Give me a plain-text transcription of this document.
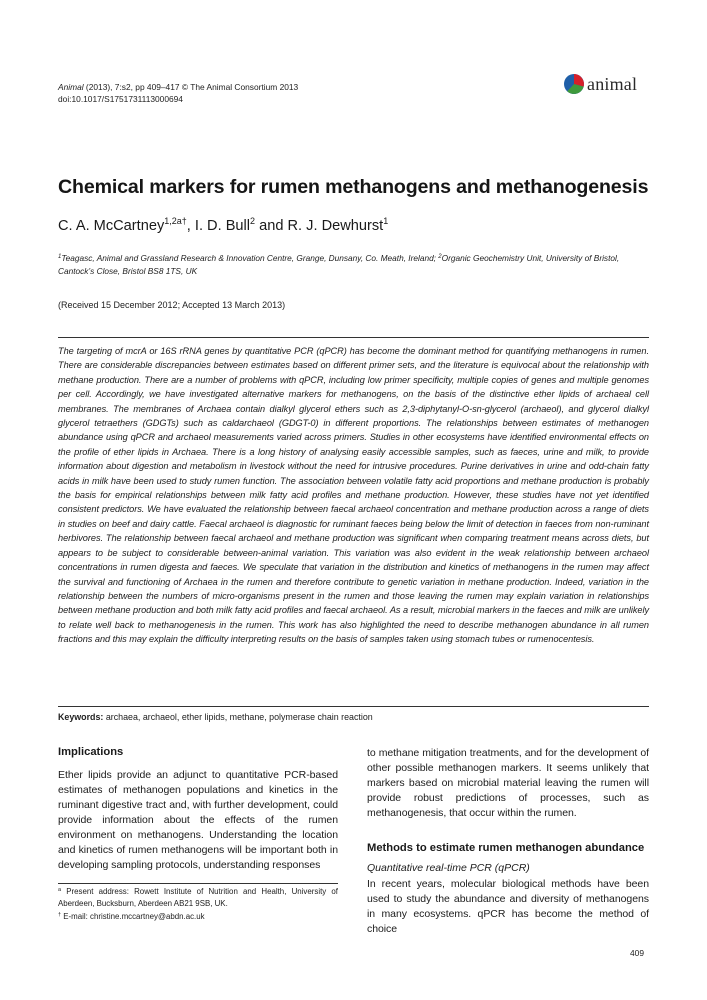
Animal (2013), 7:s2, pp 409–417 © The Animal Consortium 2013
doi:10.1017/S1751731113000694
animal
Chemical markers for rumen methanogens and methanogenesis
C. A. McCartney$^{1,2a\dagger}$, I. D. Bull$^2$ and R. J. Dewhurst$^1$
$^1$Teagasc, Animal and Grassland Research & Innovation Centre, Grange, Dunsany, Co. Meath, Ireland; $^2$Organic Geochemistry Unit, University of Bristol, Cantock’s Close, Bristol BS8 1TS, UK
(Received 15 December 2012; Accepted 13 March 2013)
The targeting of mcrA or 16S rRNA genes by quantitative PCR (qPCR) has become the dominant method for quantifying methanogens in rumen. There are considerable discrepancies between estimates based on different primer sets, and the literature is equivocal about the relationship with methane production. There are a number of problems with qPCR, including low primer specificity, multiple copies of genes and multiple genomes per cell. Accordingly, we have investigated alternative markers for methanogens, on the basis of the distinctive ether lipids of archaeal cell membranes. The membranes of Archaea contain dialkyl glycerol ethers such as 2,3-diphytanyl-O-sn-glycerol (archaeol), and glycerol dialkyl glycerol tetraethers (GDGTs) such as caldarchaeol (GDGT-0) in different proportions. The relationships between estimates of methanogen abundance using qPCR and archaeol measurements varied across primers. Studies in other ecosystems have identified environmental effects on the profile of ether lipids in Archaea. There is a long history of analysing easily accessible samples, such as faeces, urine and milk, to provide information about digestion and metabolism in livestock without the need for intrusive procedures. Purine derivatives in urine and odd-chain fatty acids in milk have been used to study rumen function. The association between volatile fatty acid proportions and methane production is probably the basis for empirical relationships between milk fatty acid profiles and methane production. However, these studies have not yet identified consistent predictors. We have evaluated the relationship between faecal archaeol concentration and methane production across a range of diets in studies on beef and dairy cattle. Faecal archaeol is diagnostic for ruminant faeces being below the limit of detection in faeces from non-ruminant herbivores. The relationship between faecal archaeol and methane production was significant when comparing treatment means across diets, but appears to be subject to considerable between-animal variation. This variation was also evident in the weak relationship between archaeol concentrations in rumen digesta and faeces. We speculate that variation in the distribution and kinetics of methanogens in the rumen may affect the survival and functioning of Archaea in the rumen and therefore contribute to genetic variation in methane production. Indeed, variation in the relationship between the numbers of micro-organisms present in the rumen and those leaving the rumen may explain variation in relationships between methane production and both milk fatty acid profiles and faecal archaeol. As a result, microbial markers in the faeces and milk are unlikely to relate well back to methanogenesis in the rumen. This work has also highlighted the need to describe methanogen abundance in all rumen fractions and this may explain the difficulty interpreting results on the basis of samples taken using stomach tubes or rumenocentesis.
Keywords: archaea, archaeol, ether lipids, methane, polymerase chain reaction
Implications
Ether lipids provide an adjunct to quantitative PCR-based estimates of methanogen populations and kinetics in the ruminant digestive tract and, with further development, could provide information about the effects of the rumen environment on methanogens. Understanding the location and kinetics of rumen methanogens will be important both in developing sampling protocols, understanding responses
$^a$ Present address: Rowett Institute of Nutrition and Health, University of Aberdeen, Bucksburn, Aberdeen AB21 9SB, UK.
† E-mail: christine.mccartney@abdn.ac.uk
to methane mitigation treatments, and for the development of other possible methanogen markers. It seems unlikely that markers based on microbial material leaving the rumen will provide robust predictions of processes, such as methanogenesis, that occur within the rumen.
Methods to estimate rumen methanogen abundance
Quantitative real-time PCR (qPCR)
In recent years, molecular biological methods have been used to study the abundance and diversity of methanogens in many ecosystems. qPCR has become the method of choice
409
